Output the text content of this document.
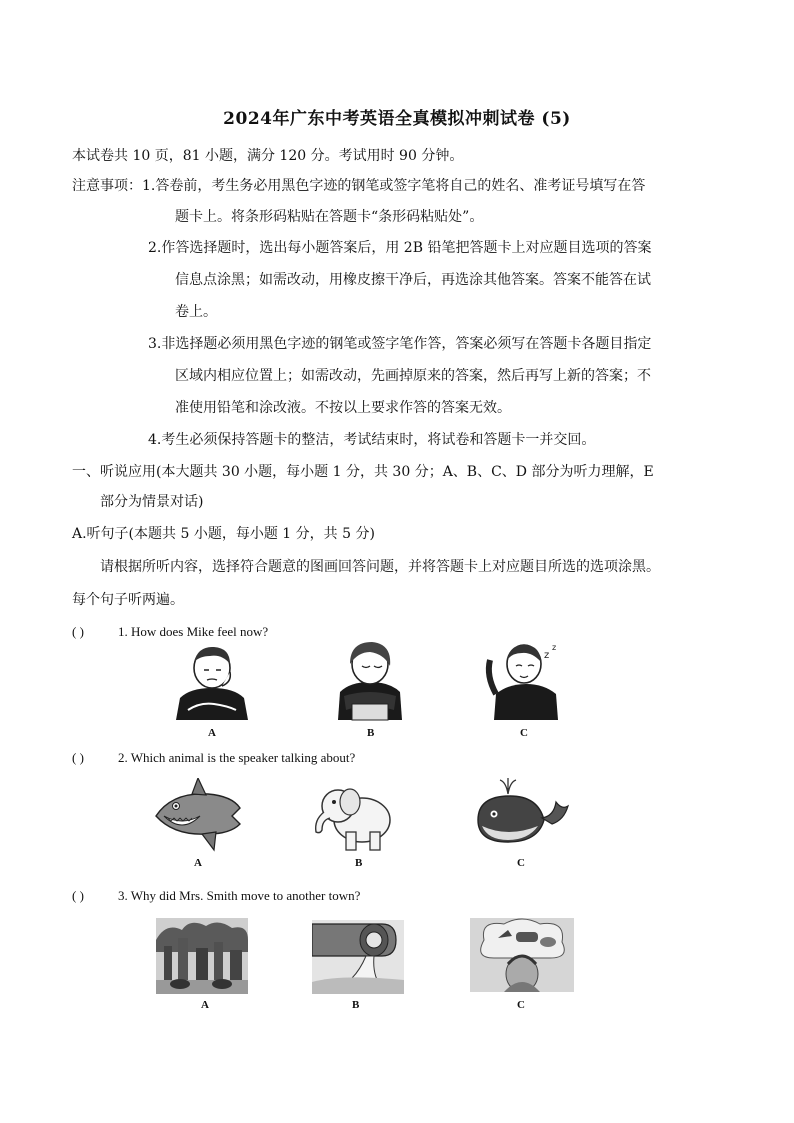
2024年广东中考英语全真模拟冲刺试卷 (5)
本试卷共 10 页，81 小题，满分 120 分。考试用时 90 分钟。
注意事项：1.答卷前，考生务必用黑色字迹的钢笔或签字笔将自己的姓名、准考证号填写在答
题卡上。将条形码粘贴在答题卡“条形码粘贴处”。
2.作答选择题时，选出每小题答案后，用 2B 铅笔把答题卡上对应题目选项的答案
信息点涂黑；如需改动，用橡皮擦干净后，再选涂其他答案。答案不能答在试
卷上。
3.非选择题必须用黑色字迹的钢笔或签字笔作答，答案必须写在答题卡各题目指定
区域内相应位置上；如需改动，先画掉原来的答案，然后再写上新的答案；不
准使用铅笔和涂改液。不按以上要求作答的答案无效。
4.考生必须保持答题卡的整洁，考试结束时，将试卷和答题卡一并交回。
一、听说应用(本大题共 30 小题，每小题 1 分，共 30 分；A、B、C、D 部分为听力理解，E
部分为情景对话)
A.听句子(本题共 5 小题，每小题 1 分，共 5 分)
请根据所听内容，选择符合题意的图画回答问题，并将答题卡上对应题目所选的选项涂黑。
每个句子听两遍。
( )	1. How does Mike feel now?
z
z
A	B	C
( )	2. Which animal is the speaker talking about?
A	B	C
( )	3. Why did Mrs. Smith move to another town?
A	B	C
